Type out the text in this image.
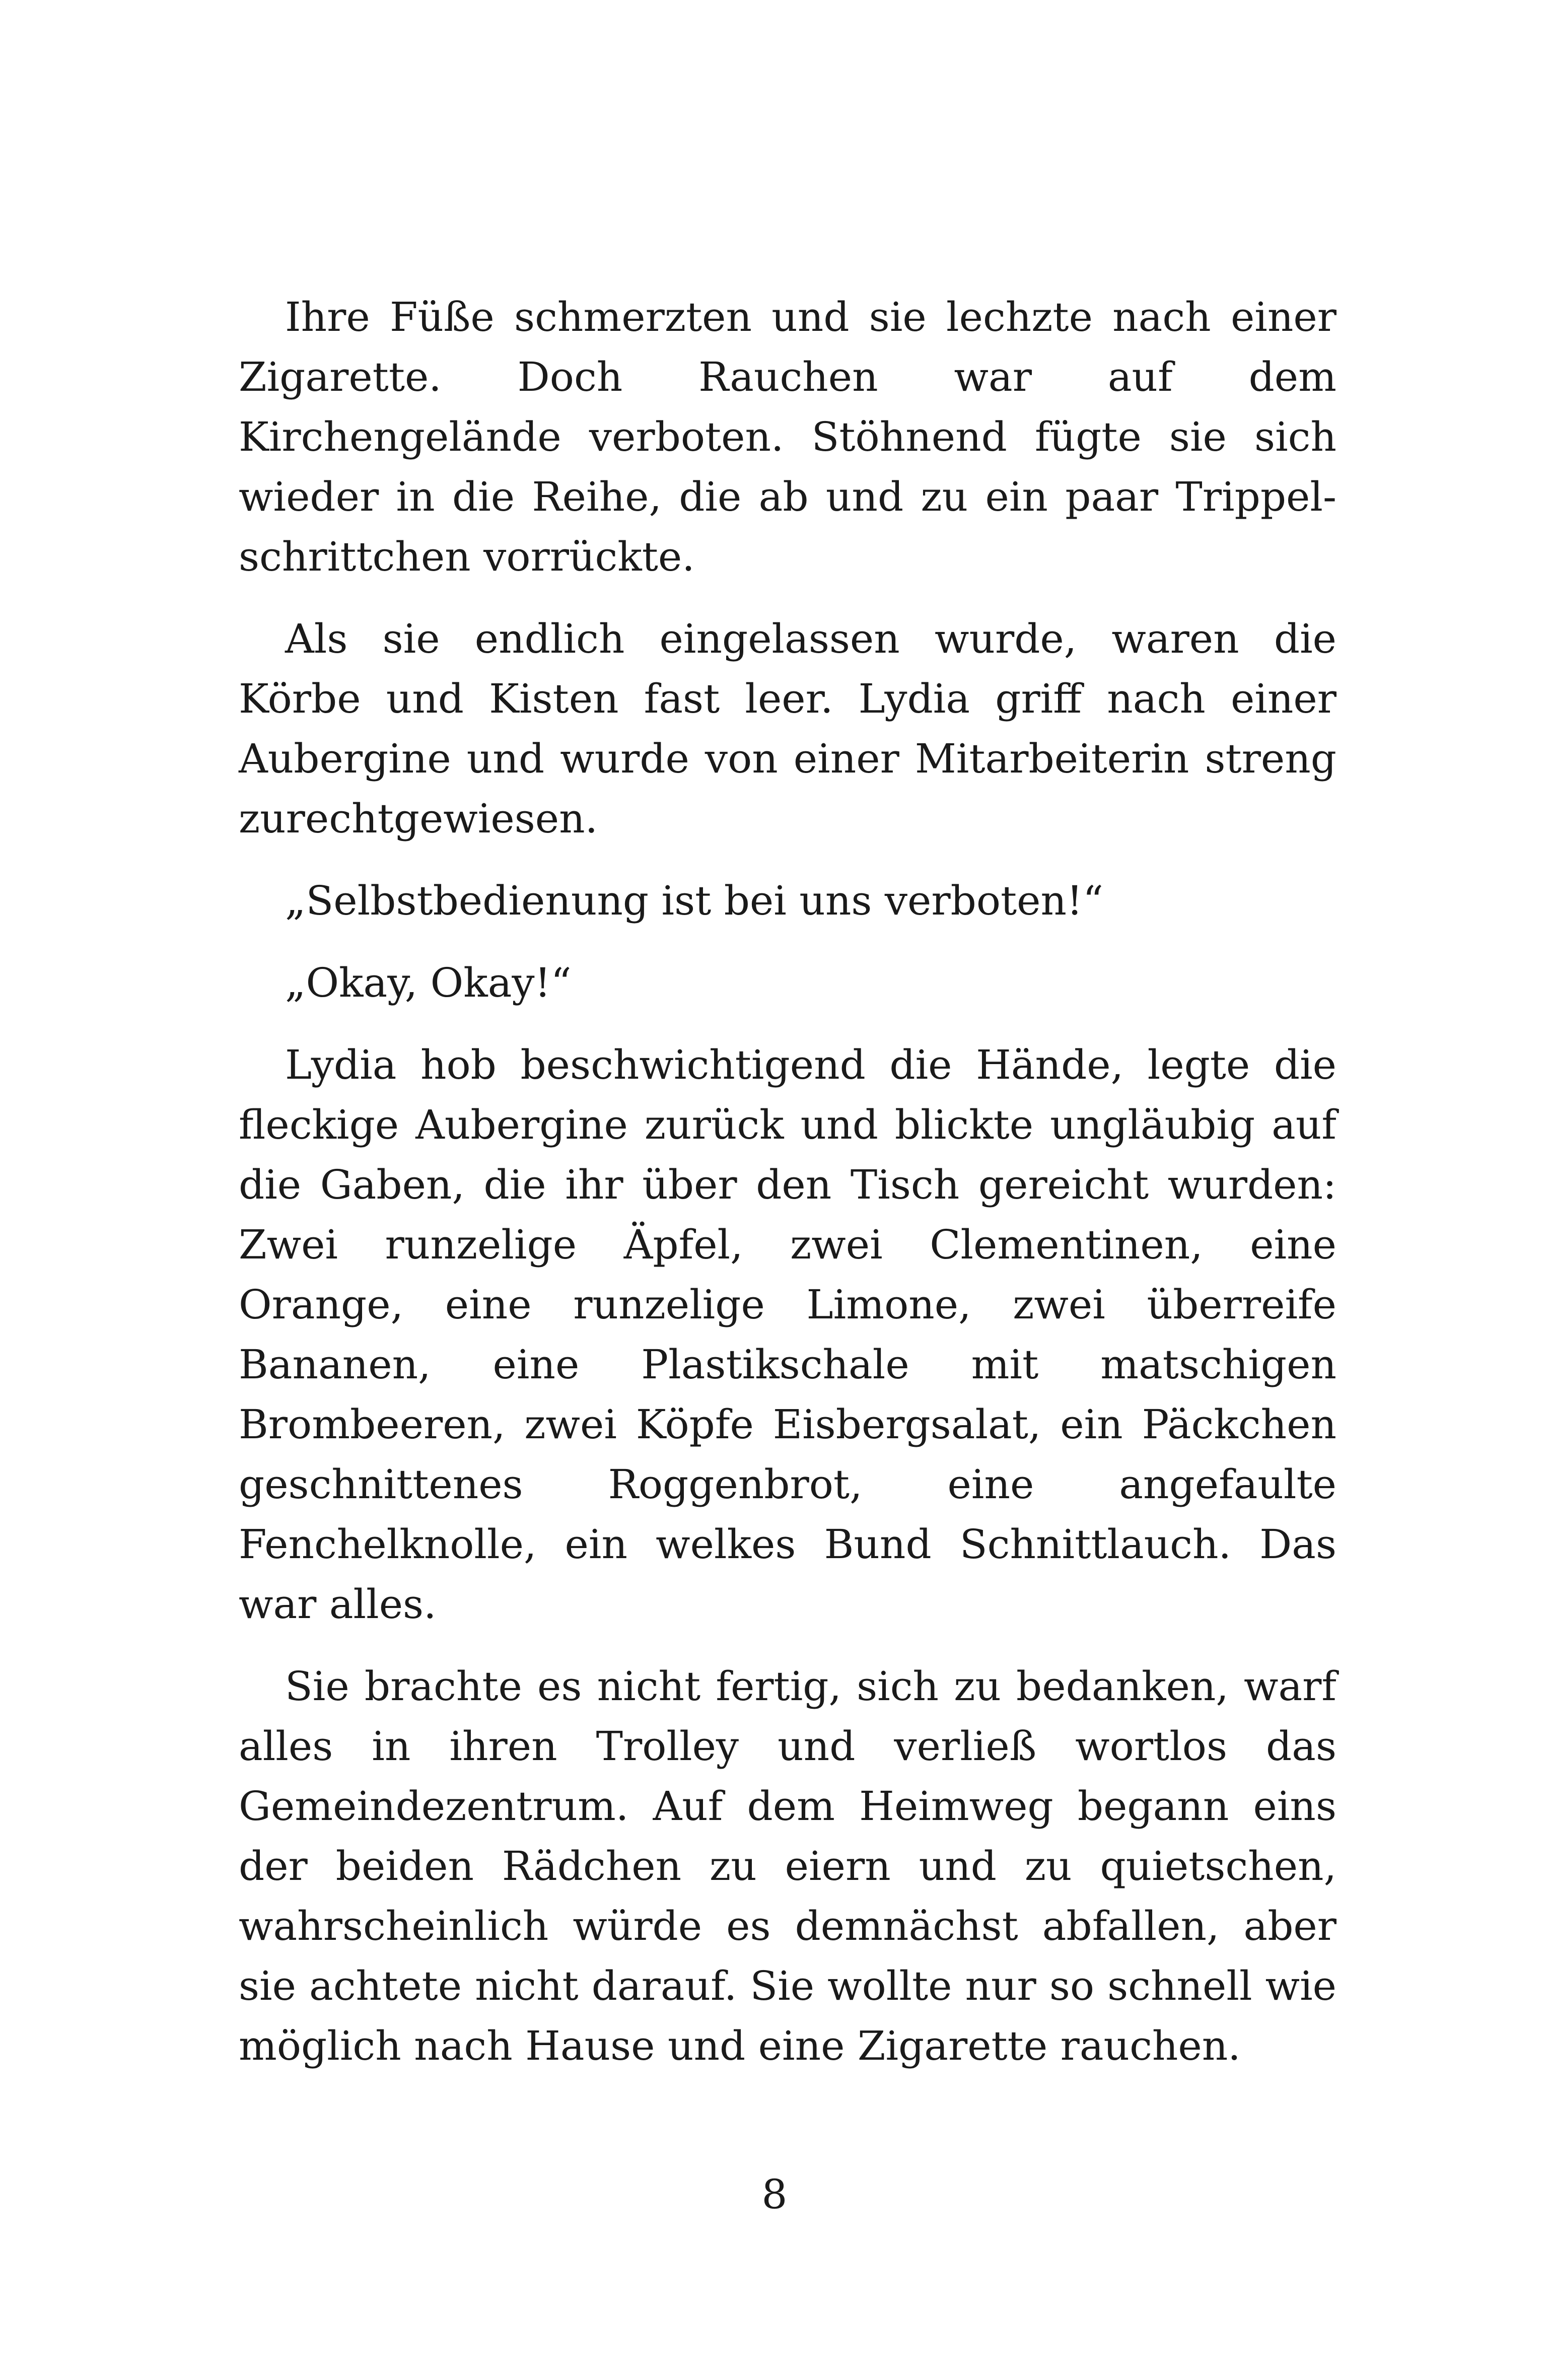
Ihre Füße schmerzten und sie lechzte nach einer Zigarette. Doch Rauchen war auf dem Kirchengelände verboten. Stöhnend fügte sie sich wieder in die Reihe, die ab und zu ein paar Trippelschrittchen vorrückte.

Als sie endlich eingelassen wurde, waren die Körbe und Kisten fast leer. Lydia griff nach einer Aubergine und wurde von einer Mitarbeiterin streng zurechtgewiesen.

„Selbstbedienung ist bei uns verboten!“

„Okay, Okay!“

Lydia hob beschwichtigend die Hände, legte die fleckige Aubergine zurück und blickte ungläubig auf die Gaben, die ihr über den Tisch gereicht wurden: Zwei runzelige Äpfel, zwei Clementinen, eine Orange, eine runzelige Limone, zwei überreife Bananen, eine Plastikschale mit matschigen Brombeeren, zwei Köpfe Eisbergsalat, ein Päckchen geschnittenes Roggenbrot, eine angefaulte Fenchelknolle, ein welkes Bund Schnittlauch. Das war alles.

Sie brachte es nicht fertig, sich zu bedanken, warf alles in ihren Trolley und verließ wortlos das Gemeindezentrum. Auf dem Heimweg begann eins der beiden Rädchen zu eiern und zu quietschen, wahrscheinlich würde es demnächst abfallen, aber sie achtete nicht darauf. Sie wollte nur so schnell wie möglich nach Hause und eine Zigarette rauchen.

8
